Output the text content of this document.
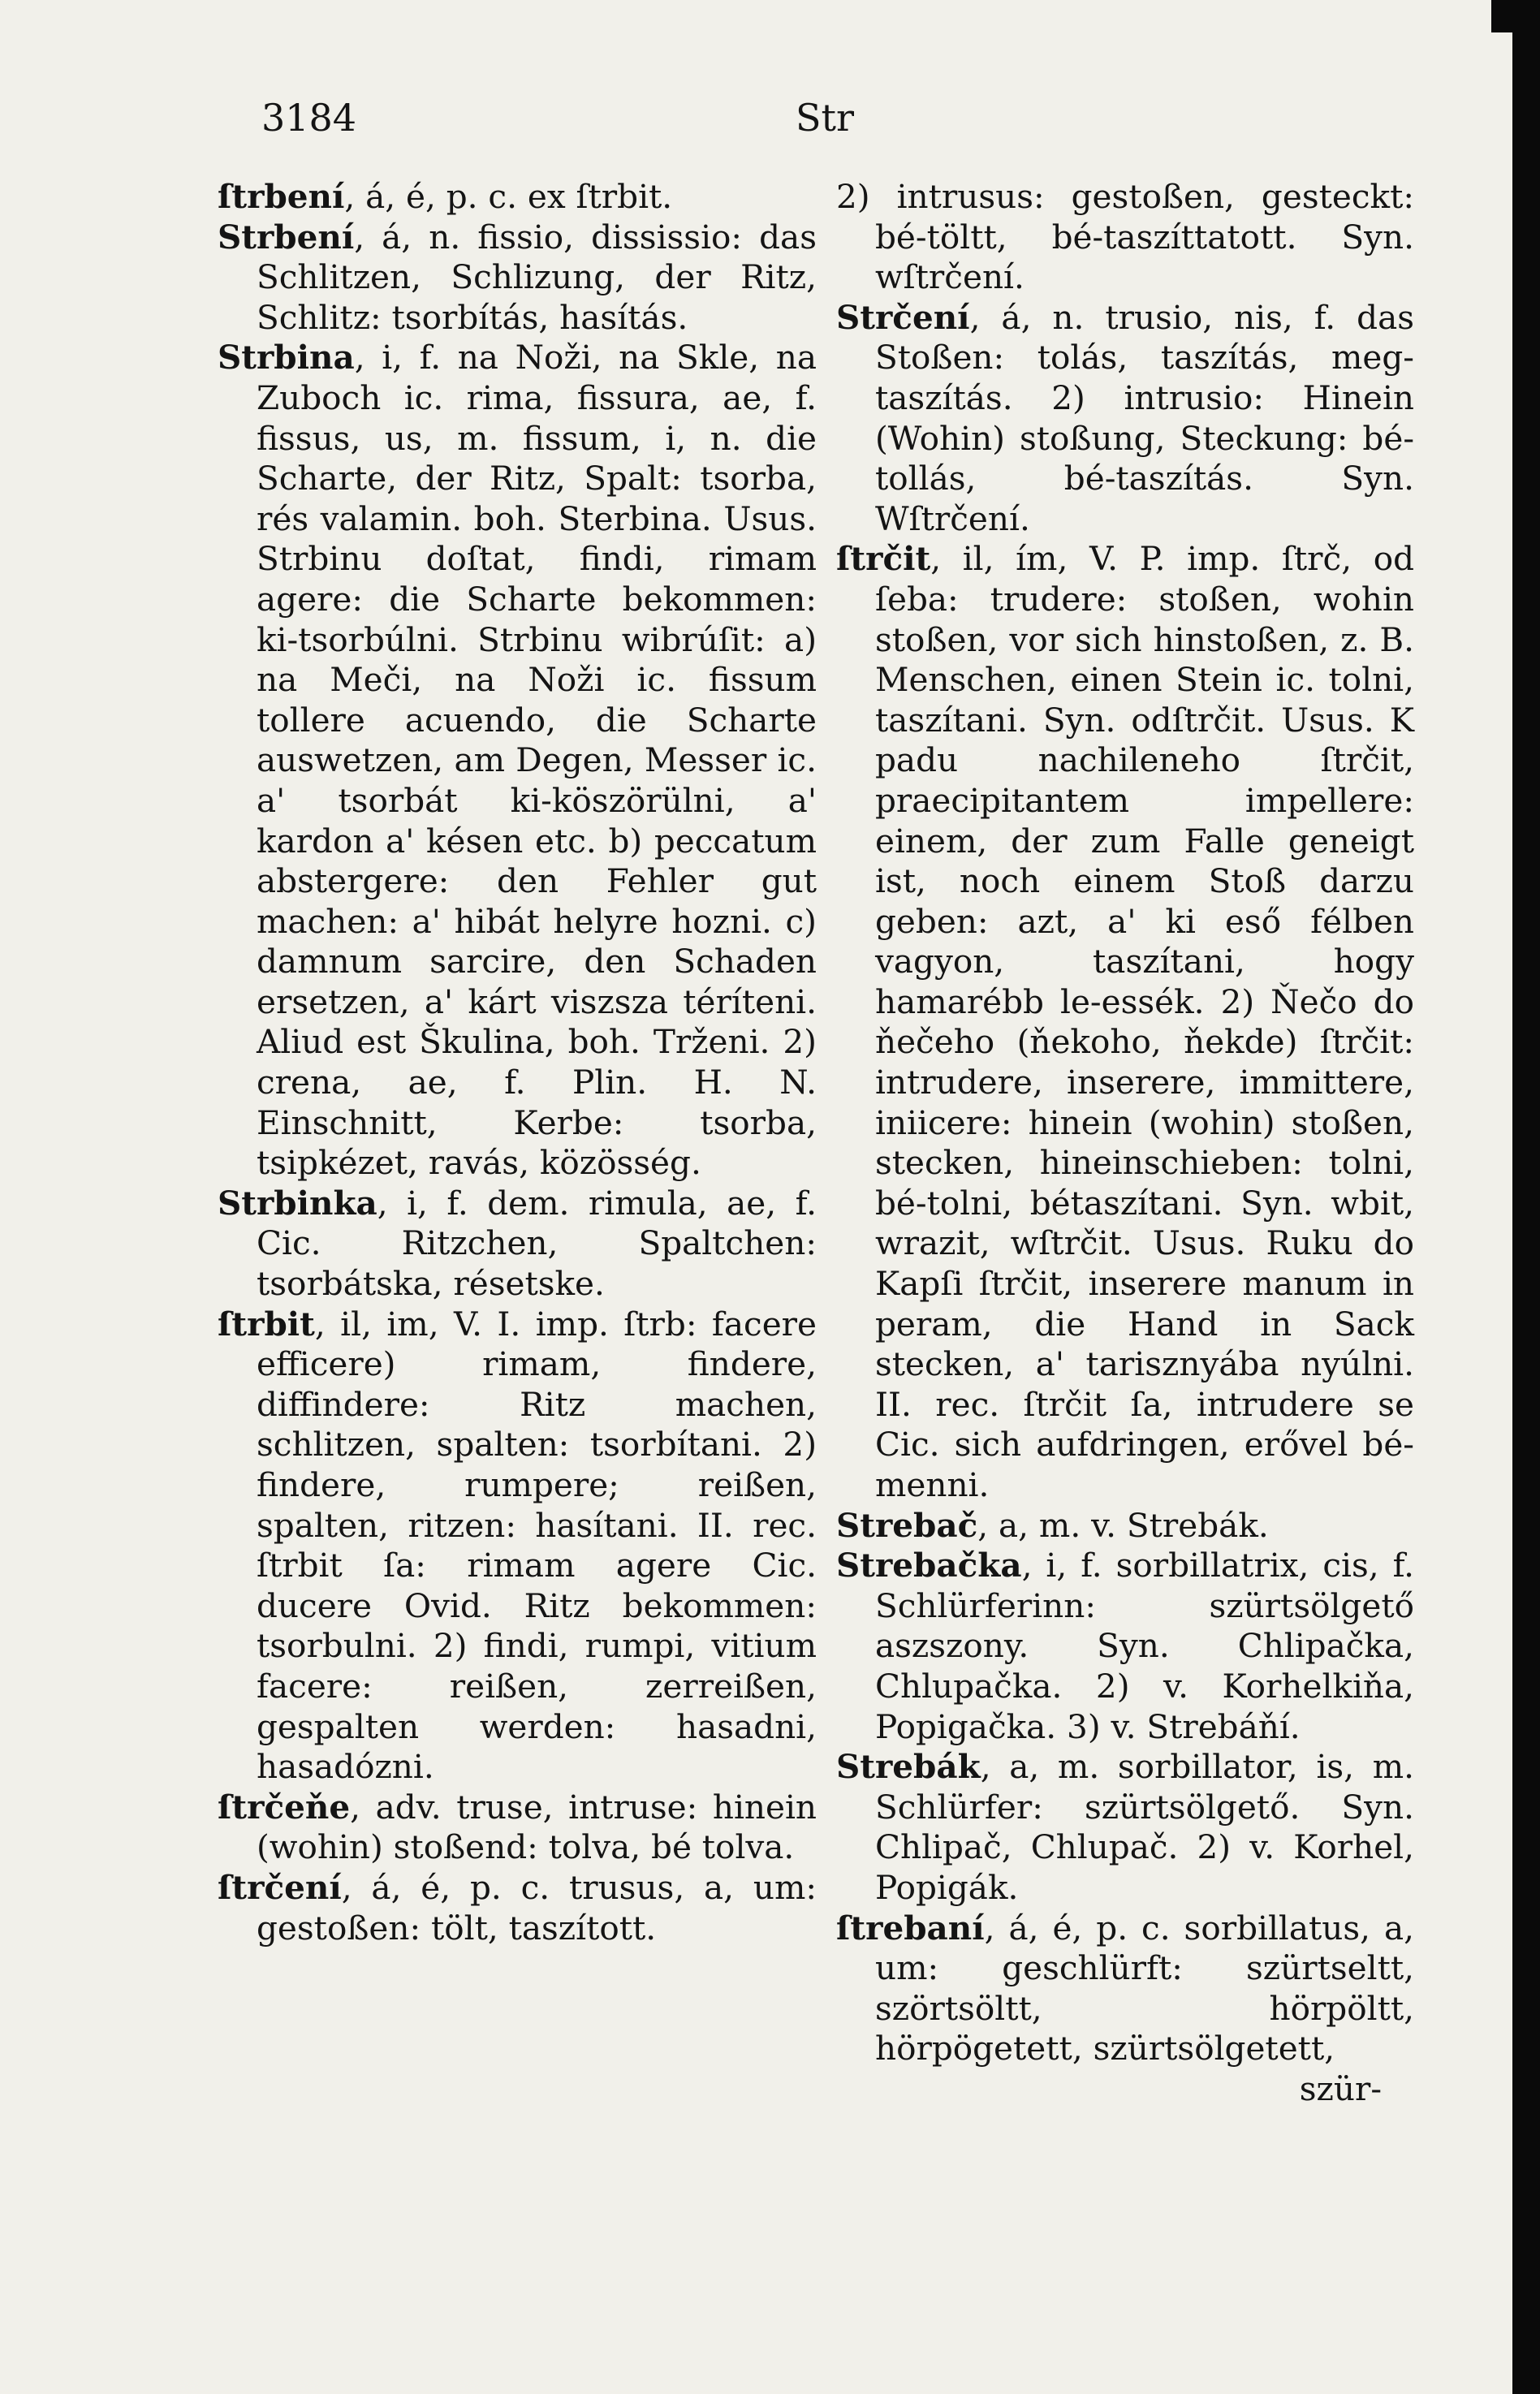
3184	Str

ſtrbení, á, é, p. c. ex ſtrbit.

Strbení, á, n. fissio, dississio: das Schlitzen, Schlizung, der Ritz, Schlitz: tsorbítás, hasítás.

Strbina, i, f. na Noži, na Skle, na Zuboch ic. rima, fissura, ae, f. fissus, us, m. fissum, i, n. die Scharte, der Ritz, Spalt: tsorba, rés valamin. boh. Sterbina. Usus. Strbinu doſtat, findi, rimam agere: die Scharte bekommen: ki-tsorbúlni. Strbinu wibrúſit: a) na Meči, na Noži ic. fissum tollere acuendo, die Scharte auswetzen, am Degen, Messer ic. a' tsorbát ki-köszörülni, a' kardon a' késen etc. b) peccatum abstergere: den Fehler gut machen: a' hibát helyre hozni. c) damnum sarcire, den Schaden ersetzen, a' kárt viszsza téríteni. Aliud est Škulina, boh. Trženi. 2) crena, ae, f. Plin. H. N. Einschnitt, Kerbe: tsorba, tsipkézet, ravás, közösség.

Strbinka, i, f. dem. rimula, ae, f. Cic. Ritzchen, Spaltchen: tsorbátska, résetske.

ſtrbit, il, im, V. I. imp. ſtrb: facere efficere) rimam, findere, diffindere: Ritz machen, schlitzen, spalten: tsorbítani. 2) findere, rumpere; reißen, spalten, ritzen: hasítani. II. rec. ſtrbit ſa: rimam agere Cic. ducere Ovid. Ritz bekommen: tsorbulni. 2) findi, rumpi, vitium facere: reißen, zerreißen, gespalten werden: hasadni, hasadózni.

ſtrčeňe, adv. truse, intruse: hinein (wohin) stoßend: tolva, bé tolva.

ſtrčení, á, é, p. c. trusus, a, um: gestoßen: tölt, taszított.

2) intrusus: gestoßen, gesteckt: bé-töltt, bé-taszíttatott. Syn. wſtrčení.

Strčení, á, n. trusio, nis, f. das Stoßen: tolás, taszítás, meg-taszítás. 2) intrusio: Hinein (Wohin) stoßung, Steckung: bé-tollás, bé-taszítás. Syn. Wſtrčení.

ſtrčit, il, ím, V. P. imp. ſtrč, od ſeba: trudere: stoßen, wohin stoßen, vor sich hinstoßen, z. B. Menschen, einen Stein ic. tolni, taszítani. Syn. odſtrčit. Usus. K padu nachilenehо ſtrčit, praecipitantem impellere: einem, der zum Falle geneigt ist, noch einem Stoß darzu geben: azt, a' ki eső félben vagyon, taszítani, hogy hamarébb le-essék. 2) Ňečo do ňečeho (ňekoho, ňekde) ſtrčit: intrudere, inserere, immittere, iniicere: hinein (wohin) stoßen, stecken, hineinschieben: tolni, bé-tolni, bétaszítani. Syn. wbit, wrazit, wſtrčit. Usus. Ruku do Kapſi ſtrčit, inserere manum in peram, die Hand in Sack stecken, a' tarisznyába nyúlni. II. rec. ſtrčit ſa, intrudere se Cic. sich aufdringen, erővel bé-menni.

Strebač, a, m. v. Strebák.

Strebačka, i, f. sorbillatrix, cis, f. Schlürferinn: szürtsölgető aszszony. Syn. Chlipačka, Chlupačka. 2) v. Korhelkiňa, Popigačka. 3) v. Strebáňí.

Strebák, a, m. sorbillator, is, m. Schlürfer: szürtsölgető. Syn. Chlipač, Chlupač. 2) v. Korhel, Popigák.

ſtrebaní, á, é, p. c. sorbillatus, a, um: geschlürft: szürtseltt, szörtsöltt, hörpöltt, hörpögetett, szürtsölgetett,

szür-
